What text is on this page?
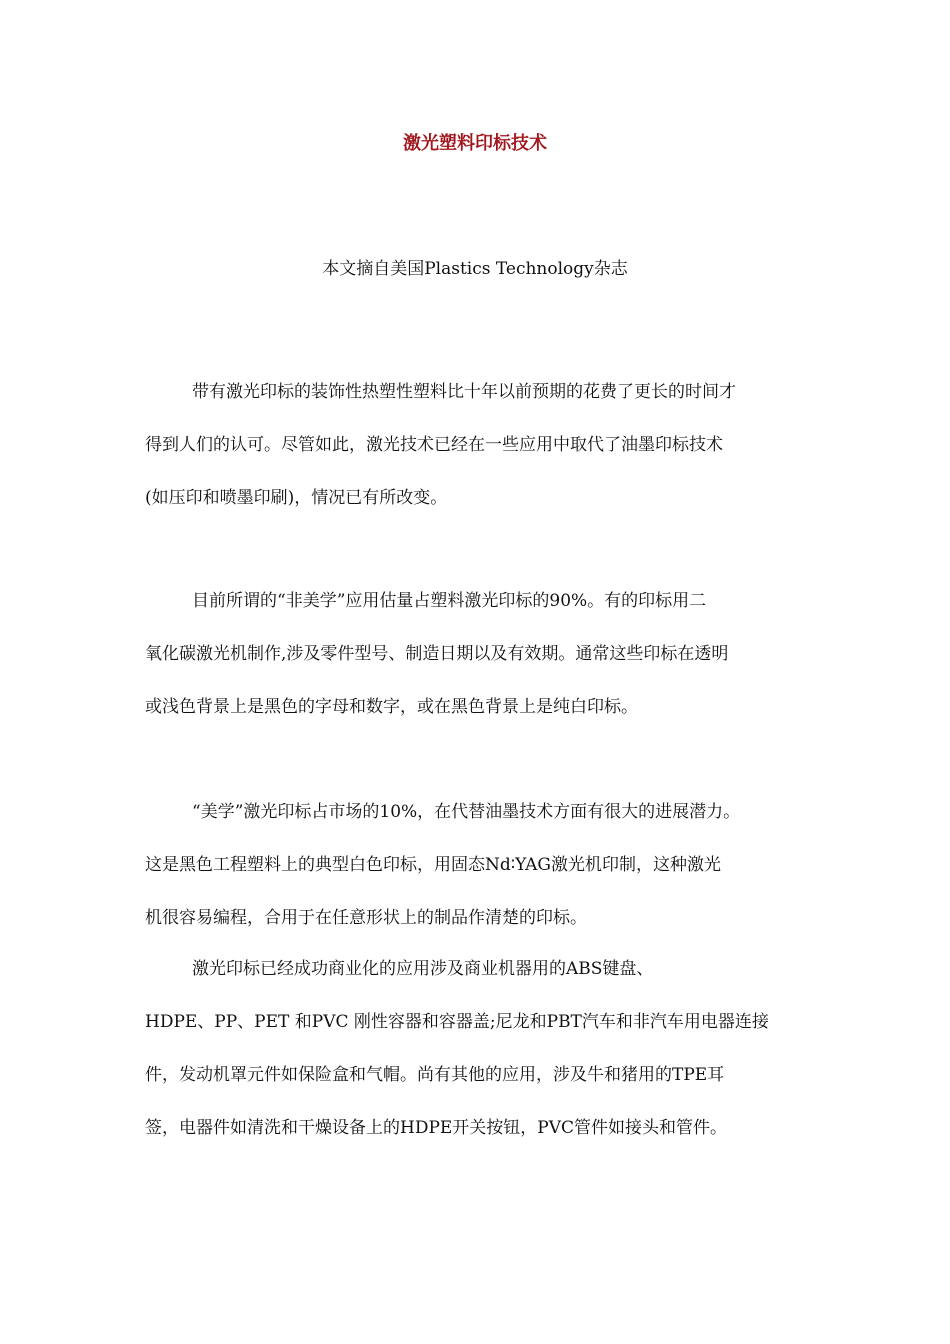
激光塑料印标技术
本文摘自美国Plastics Technology杂志

带有激光印标的装饰性热塑性塑料比十年以前预期的花费了更长的时间才
得到人们的认可。尽管如此，激光技术已经在一些应用中取代了油墨印标技术
(如压印和喷墨印刷)，情况已有所改变。

目前所谓的“非美学”应用估量占塑料激光印标的90%。有的印标用二
氧化碳激光机制作,涉及零件型号、制造日期以及有效期。通常这些印标在透明
或浅色背景上是黑色的字母和数字，或在黑色背景上是纯白印标。

“美学”激光印标占市场的10%，在代替油墨技术方面有很大的进展潜力。
这是黑色工程塑料上的典型白色印标，用固态Nd∶YAG激光机印制，这种激光
机很容易编程，合用于在任意形状上的制品作清楚的印标。

激光印标已经成功商业化的应用涉及商业机器用的ABS键盘、
HDPE、PP、PET 和PVC 刚性容器和容器盖;尼龙和PBT汽车和非汽车用电器连接
件，发动机罩元件如保险盒和气帽。尚有其他的应用，涉及牛和猪用的TPE耳
签，电器件如清洗和干燥设备上的HDPE开关按钮，PVC管件如接头和管件。
